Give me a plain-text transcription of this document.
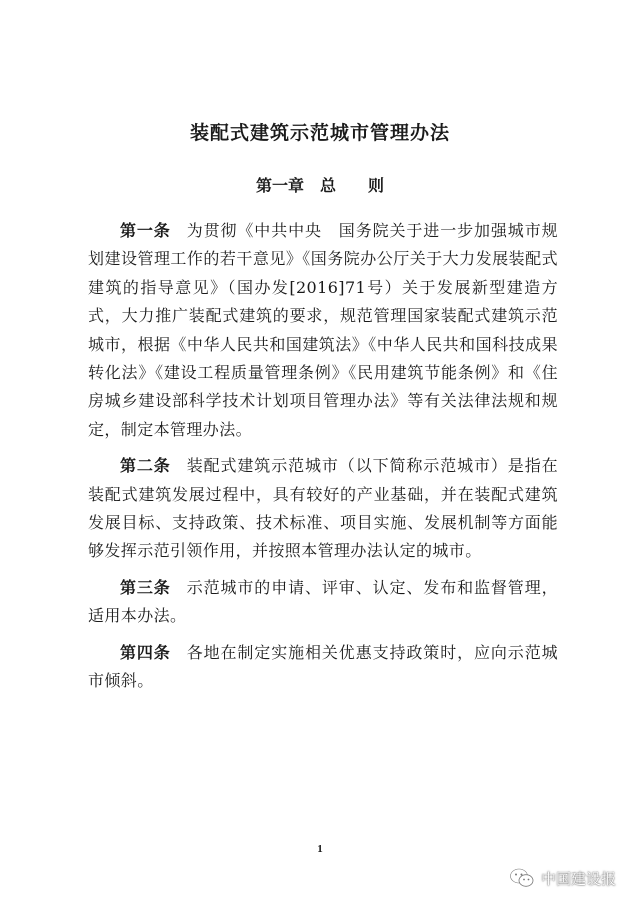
装配式建筑示范城市管理办法
第一章　总　　则

第一条 为贯彻《中共中央　国务院关于进一步加强城市规划建设管理工作的若干意见》《国务院办公厅关于大力发展装配式建筑的指导意见》（国办发[2016]71号）关于发展新型建造方式，大力推广装配式建筑的要求，规范管理国家装配式建筑示范城市，根据《中华人民共和国建筑法》《中华人民共和国科技成果转化法》《建设工程质量管理条例》《民用建筑节能条例》和《住房城乡建设部科学技术计划项目管理办法》等有关法律法规和规定，制定本管理办法。

第二条 装配式建筑示范城市（以下简称示范城市）是指在装配式建筑发展过程中，具有较好的产业基础，并在装配式建筑发展目标、支持政策、技术标准、项目实施、发展机制等方面能够发挥示范引领作用，并按照本管理办法认定的城市。

第三条 示范城市的申请、评审、认定、发布和监督管理，适用本办法。

第四条 各地在制定实施相关优惠支持政策时，应向示范城市倾斜。

1
中国建设报
